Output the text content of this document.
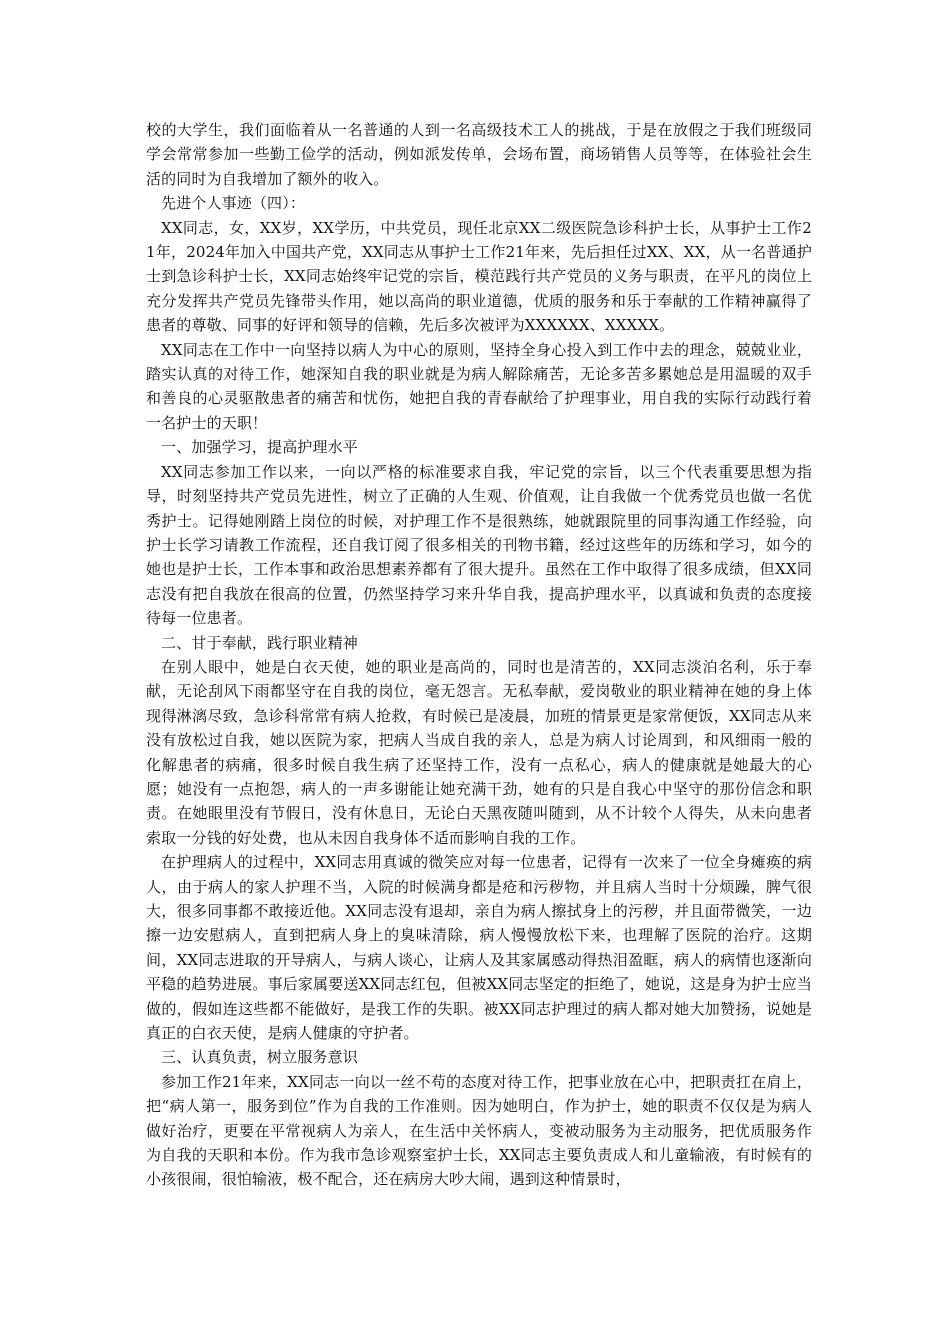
校的大学生，我们面临着从一名普通的人到一名高级技术工人的挑战，于是在放假之于我们班级同学会常常参加一些勤工俭学的活动，例如派发传单，会场布置，商场销售人员等等，在体验社会生活的同时为自我增加了额外的收入。

先进个人事迹（四）：

XX同志，女，XX岁，XX学历，中共党员，现任北京XX二级医院急诊科护士长，从事护士工作21年，2024年加入中国共产党，XX同志从事护士工作21年来，先后担任过XX、XX，从一名普通护士到急诊科护士长，XX同志始终牢记党的宗旨，模范践行共产党员的义务与职责，在平凡的岗位上充分发挥共产党员先锋带头作用，她以高尚的职业道德，优质的服务和乐于奉献的工作精神赢得了患者的尊敬、同事的好评和领导的信赖，先后多次被评为XXXXXX、XXXXX。

XX同志在工作中一向坚持以病人为中心的原则，坚持全身心投入到工作中去的理念，兢兢业业，踏实认真的对待工作，她深知自我的职业就是为病人解除痛苦，无论多苦多累她总是用温暖的双手和善良的心灵驱散患者的痛苦和忧伤，她把自我的青春献给了护理事业，用自我的实际行动践行着一名护士的天职！

一、加强学习，提高护理水平

XX同志参加工作以来，一向以严格的标准要求自我，牢记党的宗旨，以三个代表重要思想为指导，时刻坚持共产党员先进性，树立了正确的人生观、价值观，让自我做一个优秀党员也做一名优秀护士。记得她刚踏上岗位的时候，对护理工作不是很熟练，她就跟院里的同事沟通工作经验，向护士长学习请教工作流程，还自我订阅了很多相关的刊物书籍，经过这些年的历练和学习，如今的她也是护士长，工作本事和政治思想素养都有了很大提升。虽然在工作中取得了很多成绩，但XX同志没有把自我放在很高的位置，仍然坚持学习来升华自我，提高护理水平，以真诚和负责的态度接待每一位患者。

二、甘于奉献，践行职业精神

在别人眼中，她是白衣天使，她的职业是高尚的，同时也是清苦的，XX同志淡泊名利，乐于奉献，无论刮风下雨都坚守在自我的岗位，毫无怨言。无私奉献，爱岗敬业的职业精神在她的身上体现得淋漓尽致，急诊科常常有病人抢救，有时候已是凌晨，加班的情景更是家常便饭，XX同志从来没有放松过自我，她以医院为家，把病人当成自我的亲人，总是为病人讨论周到，和风细雨一般的化解患者的病痛，很多时候自我生病了还坚持工作，没有一点私心，病人的健康就是她最大的心愿；她没有一点抱怨，病人的一声多谢能让她充满干劲，她有的只是自我心中坚守的那份信念和职责。在她眼里没有节假日，没有休息日，无论白天黑夜随叫随到，从不计较个人得失，从未向患者索取一分钱的好处费，也从未因自我身体不适而影响自我的工作。

在护理病人的过程中，XX同志用真诚的微笑应对每一位患者，记得有一次来了一位全身瘫痪的病人，由于病人的家人护理不当，入院的时候满身都是疮和污秽物，并且病人当时十分烦躁，脾气很大，很多同事都不敢接近他。XX同志没有退却，亲自为病人擦拭身上的污秽，并且面带微笑，一边擦一边安慰病人，直到把病人身上的臭味清除，病人慢慢放松下来，也理解了医院的治疗。这期间，XX同志进取的开导病人，与病人谈心，让病人及其家属感动得热泪盈眶，病人的病情也逐渐向平稳的趋势进展。事后家属要送XX同志红包，但被XX同志坚定的拒绝了，她说，这是身为护士应当做的，假如连这些都不能做好，是我工作的失职。被XX同志护理过的病人都对她大加赞扬，说她是真正的白衣天使，是病人健康的守护者。

三、认真负责，树立服务意识

参加工作21年来，XX同志一向以一丝不苟的态度对待工作，把事业放在心中，把职责扛在肩上，把“病人第一，服务到位”作为自我的工作准则。因为她明白，作为护士，她的职责不仅仅是为病人做好治疗，更要在平常视病人为亲人，在生活中关怀病人，变被动服务为主动服务，把优质服务作为自我的天职和本份。作为我市急诊观察室护士长，XX同志主要负责成人和儿童输液，有时候有的小孩很闹，很怕输液，极不配合，还在病房大吵大闹，遇到这种情景时，
